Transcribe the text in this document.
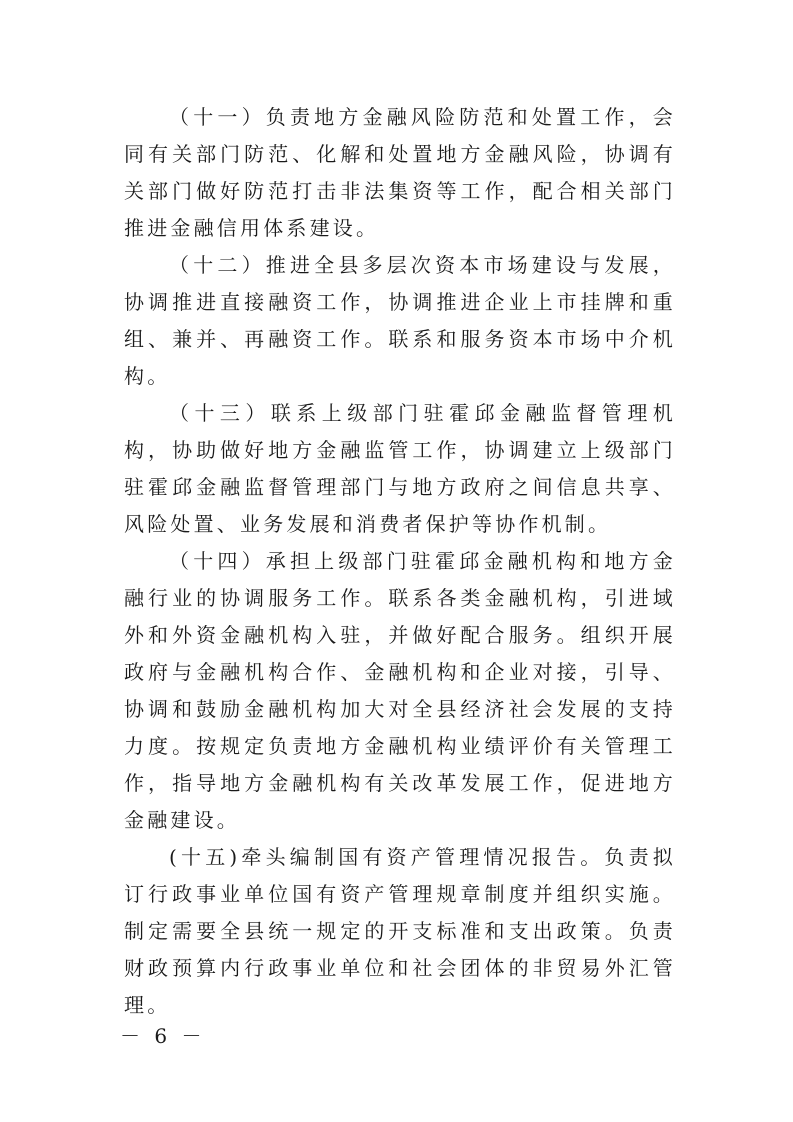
（十一）负责地方金融风险防范和处置工作，会同有关部门防范、化解和处置地方金融风险，协调有关部门做好防范打击非法集资等工作，配合相关部门推进金融信用体系建设。

（十二）推进全县多层次资本市场建设与发展，协调推进直接融资工作，协调推进企业上市挂牌和重组、兼并、再融资工作。联系和服务资本市场中介机构。

（十三）联系上级部门驻霍邱金融监督管理机构，协助做好地方金融监管工作，协调建立上级部门驻霍邱金融监督管理部门与地方政府之间信息共享、风险处置、业务发展和消费者保护等协作机制。

（十四）承担上级部门驻霍邱金融机构和地方金融行业的协调服务工作。联系各类金融机构，引进域外和外资金融机构入驻，并做好配合服务。组织开展政府与金融机构合作、金融机构和企业对接，引导、协调和鼓励金融机构加大对全县经济社会发展的支持力度。按规定负责地方金融机构业绩评价有关管理工作，指导地方金融机构有关改革发展工作，促进地方金融建设。

(十五)牵头编制国有资产管理情况报告。负责拟订行政事业单位国有资产管理规章制度并组织实施。制定需要全县统一规定的开支标准和支出政策。负责财政预算内行政事业单位和社会团体的非贸易外汇管理。

－ 6 －
